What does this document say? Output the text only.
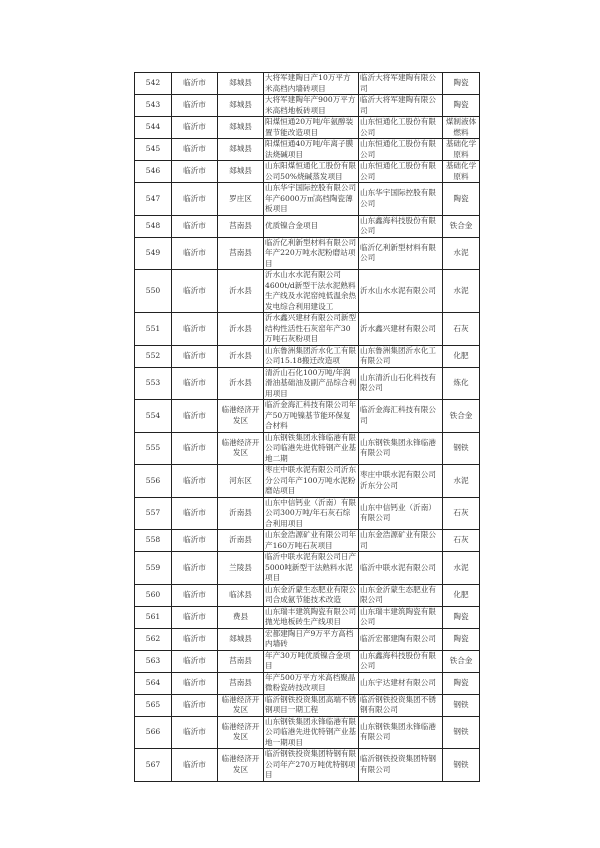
542	临沂市	郯城县	大将军建陶日产10万平方米高档内墙砖项目	临沂大将军建陶有限公司	陶瓷
543	临沂市	郯城县	大将军建陶年产900万平方米高档地板砖项目	临沂大将军建陶有限公司	陶瓷
544	临沂市	郯城县	阳煤恒通20万吨/年氨醇装置节能改造项目	山东恒通化工股份有限公司	煤制液体燃料
545	临沂市	郯城县	阳煤恒通40万吨/年离子膜法烧碱项目	山东恒通化工股份有限公司	基础化学原料
546	临沂市	郯城县	山东阳煤恒通化工股份有限公司50%烧碱蒸发项目	山东恒通化工股份有限公司	基础化学原料
547	临沂市	罗庄区	山东华宇国际控股有限公司年产6000万㎡高档陶瓷薄板项目	山东华宇国际控股有限公司	陶瓷
548	临沂市	莒南县	优质镍合金项目	山东鑫海科技股份有限公司	铁合金
549	临沂市	莒南县	临沂亿利新型材料有限公司年产220万吨水泥粉磨站项目	临沂亿利新型材料有限公司	水泥
550	临沂市	沂水县	沂水山水水泥有限公司4600t/d新型干法水泥熟料生产线及水泥窑纯低温余热发电综合利用建设工	沂水山水水泥有限公司	水泥
551	临沂市	沂水县	沂水鑫兴建材有限公司新型结构性活性石灰窑年产30万吨石灰粉项目	沂水鑫兴建材有限公司	石灰
552	临沂市	沂水县	山东鲁洲集团沂水化工有限公司15.18搬迁改造项	山东鲁洲集团沂水化工有限公司	化肥
553	临沂市	沂水县	清沂山石化100万吨/年润滑油基础油及副产品综合利用项目	山东清沂山石化科技有限公司	炼化
554	临沂市	临港经济开发区	临沂金海汇科技有限公司年产50万吨镍基节能环保复合材料	临沂金海汇科技有限公司	铁合金
555	临沂市	临港经济开发区	山东钢铁集团永锋临港有限公司临港先进优特钢产业基地二期	山东钢铁集团永锋临港有限公司	钢铁
556	临沂市	河东区	枣庄中联水泥有限公司沂东分公司年产100万吨水泥粉磨站项目	枣庄中联水泥有限公司沂东分公司	水泥
557	临沂市	沂南县	山东中信钙业（沂南）有限公司300万吨/年石灰石综合利用项目	山东中信钙业（沂南）有限公司	石灰
558	临沂市	沂南县	山东金浩源矿业有限公司年产160万吨石灰项目	山东金浩源矿业有限公司	石灰
559	临沂市	兰陵县	临沂中联水泥有限公司日产5000吨新型干法熟料水泥项目	临沂中联水泥有限公司	水泥
560	临沂市	临沭县	山东金沂蒙生态肥业有限公司合成氨节能技术改造	山东金沂蒙生态肥业有限公司	化肥
561	临沂市	费县	山东瑞丰建筑陶瓷有限公司抛光地板砖生产线项目	山东瑞丰建筑陶瓷有限公司	陶瓷
562	临沂市	郯城县	宏都建陶日产9万平方高档内墙砖	临沂宏都建陶有限公司	陶瓷
563	临沂市	莒南县	年产30万吨优质镍合金项目	山东鑫海科技股份有限公司	铁合金
564	临沂市	莒南县	年产500万平方米高档聚晶微粉瓷砖技改项目	山东宇达建材有限公司	陶瓷
565	临沂市	临港经济开发区	临沂钢铁投资集团高端不锈钢项目一期工程	临沂钢铁投资集团不锈钢有限公司	钢铁
566	临沂市	临港经济开发区	山东钢铁集团永锋临港有限公司临港先进优特钢产业基地一期项目	山东钢铁集团永锋临港有限公司	钢铁
567	临沂市	临港经济开发区	临沂钢铁投资集团特钢有限公司年产270万吨优特钢项目	临沂钢铁投资集团特钢有限公司	钢铁
